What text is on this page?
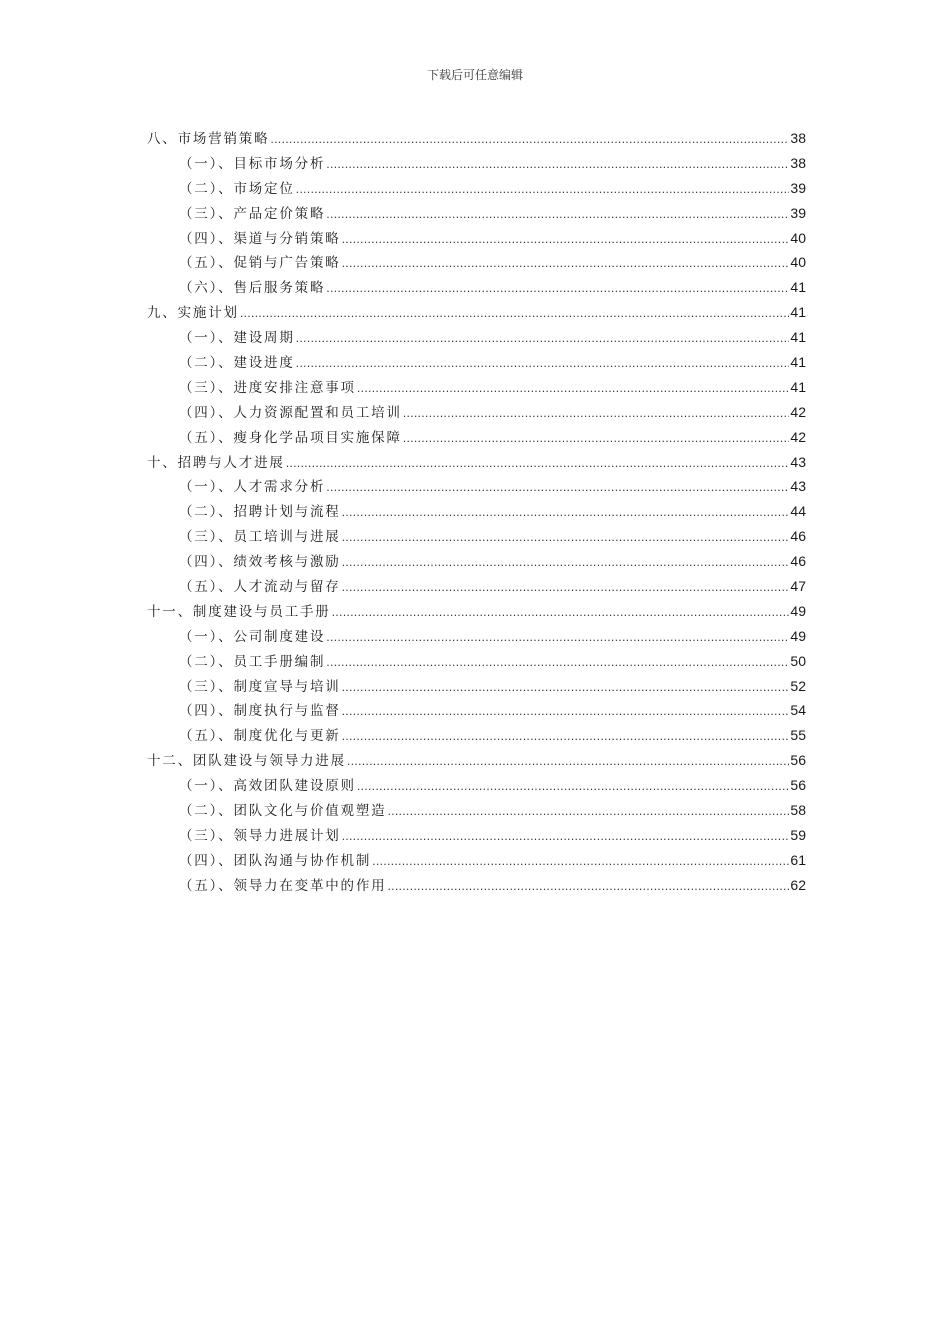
下载后可任意编辑
八、市场营销策略 .....	38
（一）、目标市场分析 .....	38
（二）、市场定位 .....	39
（三）、产品定价策略 .....	39
（四）、渠道与分销策略 .....	40
（五）、促销与广告策略 .....	40
（六）、售后服务策略 .....	41
九、实施计划 .....	41
（一）、建设周期 .....	41
（二）、建设进度 .....	41
（三）、进度安排注意事项 .....	41
（四）、人力资源配置和员工培训 .....	42
（五）、瘦身化学品项目实施保障 .....	42
十、招聘与人才进展 .....	43
（一）、人才需求分析 .....	43
（二）、招聘计划与流程 .....	44
（三）、员工培训与进展 .....	46
（四）、绩效考核与激励 .....	46
（五）、人才流动与留存 .....	47
十一、制度建设与员工手册 .....	49
（一）、公司制度建设 .....	49
（二）、员工手册编制 .....	50
（三）、制度宣导与培训 .....	52
（四）、制度执行与监督 .....	54
（五）、制度优化与更新 .....	55
十二、团队建设与领导力进展 .....	56
（一）、高效团队建设原则 .....	56
（二）、团队文化与价值观塑造 .....	58
（三）、领导力进展计划 .....	59
（四）、团队沟通与协作机制 .....	61
（五）、领导力在变革中的作用 .....	62
